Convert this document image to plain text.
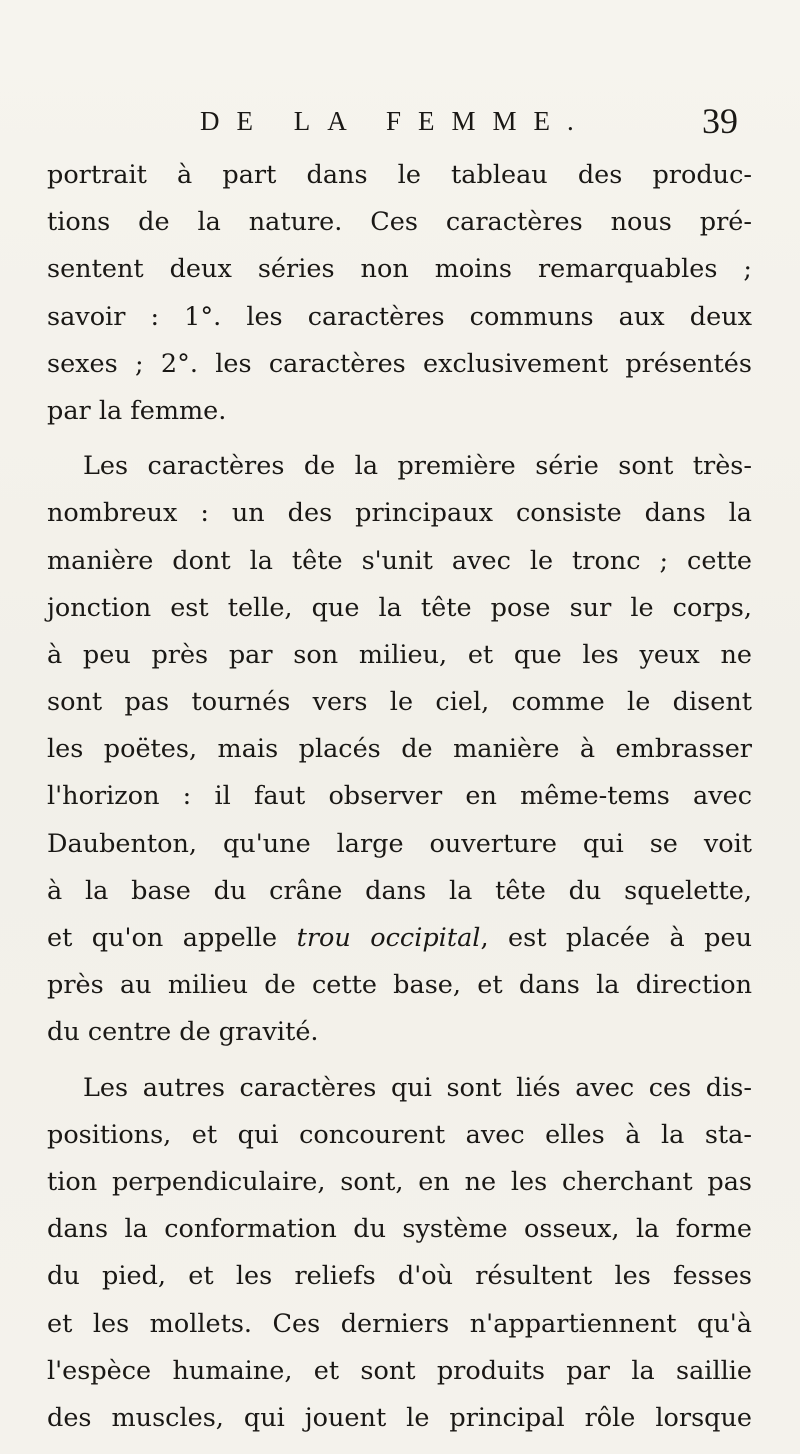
DE LA FEMME.	39
portrait à part dans le tableau des produc-
tions de la nature. Ces caractères nous pré-
sentent deux séries non moins remarquables ;
savoir : 1°. les caractères communs aux deux
sexes ; 2°. les caractères exclusivement présentés
par la femme.
Les caractères de la première série sont très-
nombreux : un des principaux consiste dans la
manière dont la tête s'unit avec le tronc ; cette
jonction est telle, que la tête pose sur le corps,
à peu près par son milieu, et que les yeux ne
sont pas tournés vers le ciel, comme le disent
les poëtes, mais placés de manière à embrasser
l'horizon : il faut observer en même-tems avec
Daubenton, qu'une large ouverture qui se voit
à la base du crâne dans la tête du squelette,
et qu'on appelle trou occipital, est placée à peu
près au milieu de cette base, et dans la direction
du centre de gravité.
Les autres caractères qui sont liés avec ces dis-
positions, et qui concourent avec elles à la sta-
tion perpendiculaire, sont, en ne les cherchant pas
dans la conformation du système osseux, la forme
du pied, et les reliefs d'où résultent les fesses
et les mollets. Ces derniers n'appartiennent qu'à
l'espèce humaine, et sont produits par la saillie
des muscles, qui jouent le principal rôle lorsque
